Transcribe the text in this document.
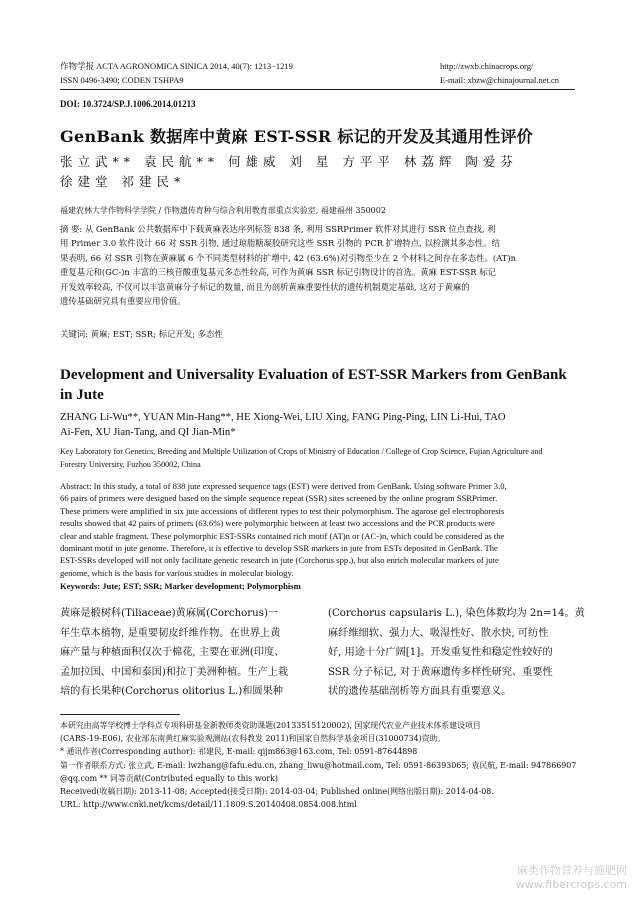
作物学报 ACTA AGRONOMICA SINICA 2014, 40(7): 1213−1219
ISSN 0496-3490; CODEN TSHPA9
http://zwxb.chinacrops.org/
E-mail: xbzw@chinajournal.net.cn
DOI: 10.3724/SP.J.1006.2014.01213
GenBank 数据库中黄麻 EST-SSR 标记的开发及其通用性评价
张立武** 袁民航** 何雄威 刘 星 方平平 林荔辉 陶爱芬
徐建堂 祁建民*
福建农林大学作物科学学院 / 作物遗传育种与综合利用教育部重点实验室, 福建福州 350002
摘 要: 从 GenBank 公共数据库中下载黄麻表达序列标签 838 条, 利用 SSRPrimer 软件对其进行 SSR 位点查找, 利
用 Primer 3.0 软件设计 66 对 SSR 引物, 通过琼脂糖凝胶研究这些 SSR 引物的 PCR 扩增特点, 以检测其多态性。结
果表明, 66 对 SSR 引物在黄麻属 6 个不同类型材料的扩增中, 42 (63.6%)对引物至少在 2 个材料之间存在多态性。(AT)n
重复基元和(GC-)n 丰富的三核苷酸重复基元多态性较高, 可作为黄麻 SSR 标记引物设计的首选。黄麻 EST-SSR 标记
开发效率较高, 不仅可以丰富黄麻分子标记的数量, 而且为剖析黄麻重要性状的遗传机制奠定基础, 这对于黄麻的
遗传基础研究具有重要应用价值。
关键词: 黄麻; EST; SSR; 标记开发; 多态性
Development and Universality Evaluation of EST-SSR Markers from GenBank
in Jute
ZHANG Li-Wu**, YUAN Min-Hang**, HE Xiong-Wei, LIU Xing, FANG Ping-Ping, LIN Li-Hui, TAO
Ai-Fen, XU Jian-Tang, and QI Jian-Min*
Key Laboratory for Genetics, Breeding and Multiple Utilization of Crops of Ministry of Education / College of Crop Science, Fujian Agriculture and
Forestry University, Fuzhou 350002, China
Abstract: In this study, a total of 838 jute expressed sequence tags (EST) were derived from GenBank. Using software Primer 3.0,
66 pairs of primers were designed based on the simple sequence repeat (SSR) sites screened by the online program SSRPrimer.
These primers were amplified in six jute accessions of different types to test their polymorphism. The agarose gel electrophoresis
results showed that 42 pairs of primers (63.6%) were polymorphic between at least two accessions and the PCR products were
clear and stable fragment. These polymorphic EST-SSRs contained rich motif (AT)n or (AC-)n, which could be considered as the
dominant motif in jute genome. Therefore, it is effective to develop SSR markers in jute from ESTs deposited in GenBank. The
EST-SSRs developed will not only facilitate genetic research in jute (Corchorus spp.), but also enrich molecular markers of jute
genome, which is the basis for various studies in molecular biology.
Keywords: Jute; EST; SSR; Marker development; Polymorphism
黄麻是椴树科(Tiliaceae)黄麻属(Corchorus)一
年生草本植物, 是重要韧皮纤维作物。在世界上黄
麻产量与种植面积仅次于棉花, 主要在亚洲(印度、
孟加拉国、中国和泰国)和拉丁美洲种植。生产上栽
培的有长果种(Corchorus olitorius L.)和圆果种
(Corchorus capsularis L.), 染色体数均为 2n=14。黄
麻纤维细软、强力大、吸湿性好、散水快, 可纺性
好, 用途十分广阔[1]。开发重复性和稳定性较好的
SSR 分子标记, 对于黄麻遗传多样性研究、重要性
状的遗传基础剖析等方面具有重要意义。
本研究由高等学校博士学科点专项科研基金新教师类资助课题(20133515120002), 国家现代农业产业技术体系建设项目
(CARS-19-E06), 农业部东南黄红麻实验观测站(农科教发 2011)和国家自然科学基金项目(31000734)资助。
* 通讯作者(Corresponding author): 祁建民, E-mail: qijm863@163.com, Tel: 0591-87644898
第一作者联系方式: 张立武, E-mail: lwzhang@fafu.edu.cn, zhang_liwu@hotmail.com, Tel: 0591-86393065; 袁民航, E-mail: 947866907
@qq.com ** 同等贡献(Contributed equally to this work)
Received(收稿日期): 2013-11-08; Accepted(接受日期): 2014-03-04; Published online(网络出版日期): 2014-04-08.
URL: http://www.cnki.net/kcms/detail/11.1809.S.20140408.0854.008.html
麻类作物营养与施肥网
www.fibercrops.com
